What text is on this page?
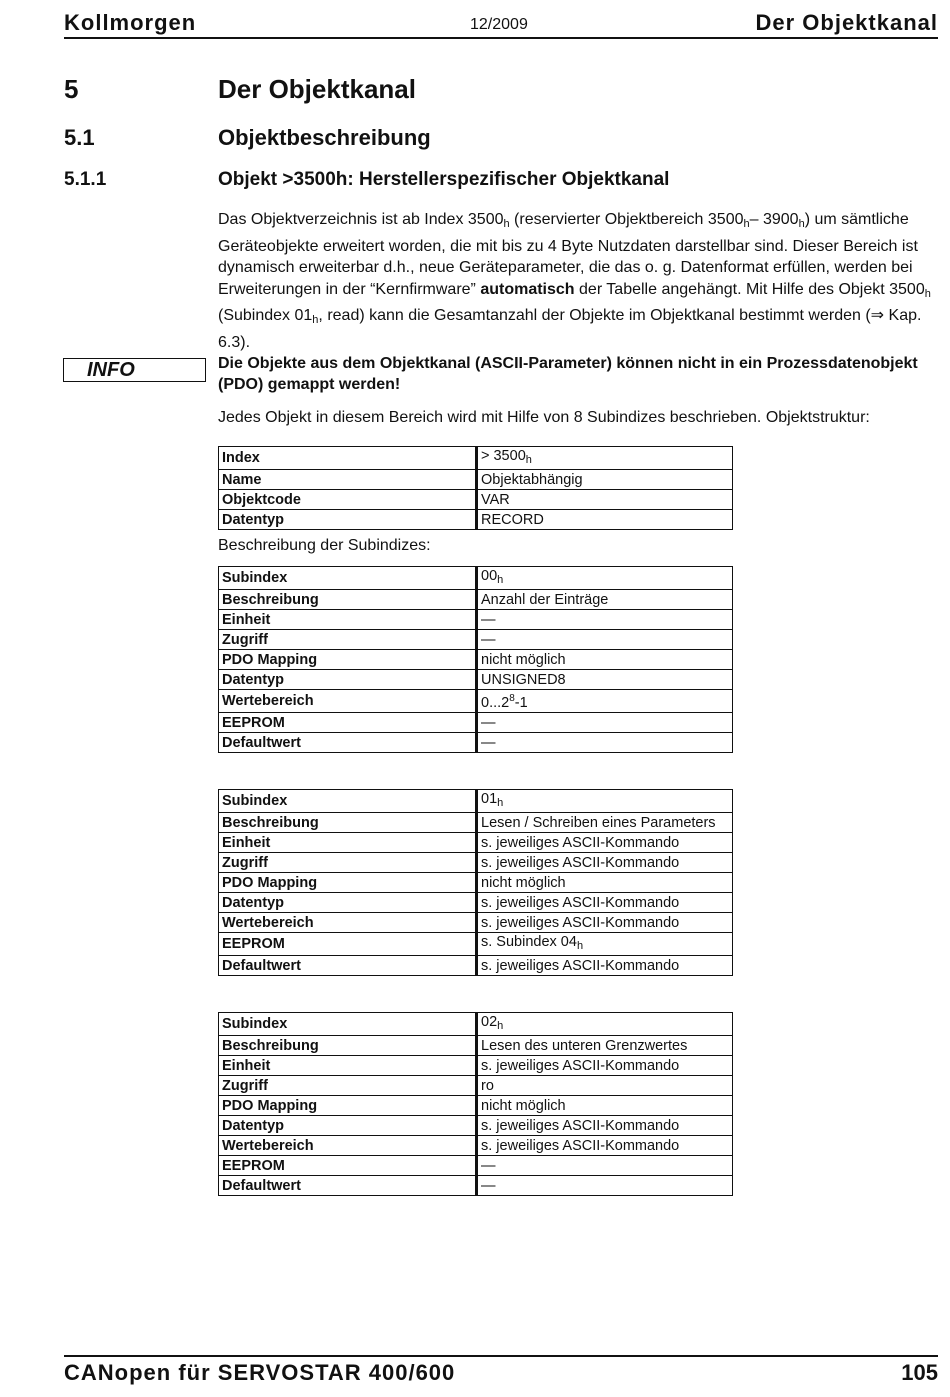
Kollmorgen	12/2009	Der Objektkanal
5	Der Objektkanal
5.1	Objektbeschreibung
5.1.1	Objekt >3500h: Herstellerspezifischer Objektkanal
Das Objektverzeichnis ist ab Index $3500_h$ (reservierter Objektbereich $3500_h-$ $3900_h$) um sämtliche Geräteobjekte erweitert worden, die mit bis zu 4 Byte Nutzdaten darstellbar sind. Dieser Bereich ist dynamisch erweiterbar d.h., neue Geräteparameter, die das o. g. Datenformat erfüllen, werden bei Erweiterungen in der “Kernfirmware” automatisch der Tabelle angehängt. Mit Hilfe des Objekt $3500_h$ (Subindex $01_h$, read) kann die Gesamtanzahl der Objekte im Objektkanal bestimmt werden (⇒ Kap. 6.3).
INFO	Die Objekte aus dem Objektkanal (ASCII-Parameter) können nicht in ein Prozessdatenobjekt (PDO) gemappt werden!
Jedes Objekt in diesem Bereich wird mit Hilfe von 8 Subindizes beschrieben. Objektstruktur:
Index	> $3500_h$
Name	Objektabhängig
Objektcode	VAR
Datentyp	RECORD
Beschreibung der Subindizes:
Subindex	$00_h$
Beschreibung	Anzahl der Einträge
Einheit	—
Zugriff	—
PDO Mapping	nicht möglich
Datentyp	UNSIGNED8
Wertebereich	0...2$^8$-1
EEPROM	—
Defaultwert	—
Subindex	$01_h$
Beschreibung	Lesen / Schreiben eines Parameters
Einheit	s. jeweiliges ASCII-Kommando
Zugriff	s. jeweiliges ASCII-Kommando
PDO Mapping	nicht möglich
Datentyp	s. jeweiliges ASCII-Kommando
Wertebereich	s. jeweiliges ASCII-Kommando
EEPROM	s. Subindex $04_h$
Defaultwert	s. jeweiliges ASCII-Kommando
Subindex	$02_h$
Beschreibung	Lesen des unteren Grenzwertes
Einheit	s. jeweiliges ASCII-Kommando
Zugriff	ro
PDO Mapping	nicht möglich
Datentyp	s. jeweiliges ASCII-Kommando
Wertebereich	s. jeweiliges ASCII-Kommando
EEPROM	—
Defaultwert	—
CANopen für SERVOSTAR 400/600	105
